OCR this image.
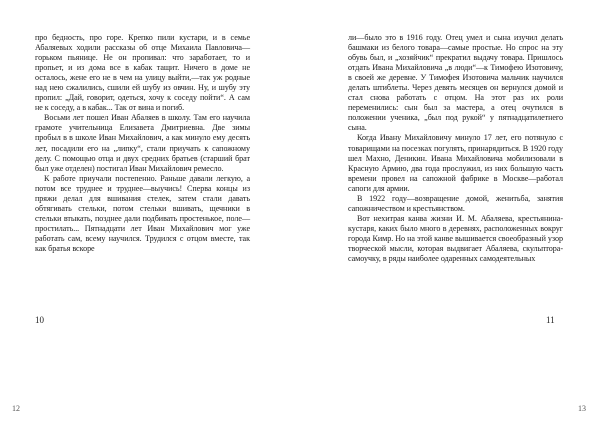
про бедность, про горе. Крепко пили кустари, и в семье Абаляевых ходили рассказы об отце Михаила Павловича—горьком пьянице. Не он пропивал: что заработает, то и пропьет, и из дома все в кабак тащит. Ничего в доме не осталось, жене его не в чем на улицу выйти,—так уж родные над нею сжалились, сшили ей шубу из овчин. Ну, и шубу эту пропил: „Дай, говорит, одеться, хочу к соседу пойти“. А сам не к соседу, а в кабак... Так от вина и погиб.

Восьми лет пошел Иван Абаляев в школу. Там его научила грамоте учительница Елизавета Дмитриевна. Две зимы пробыл в в школе Иван Михайлович, а как минуло ему десять лет, посадили его на „липку“, стали приучать к сапожному делу. С помощью отца и двух средних братьев (старший брат был уже отделен) постигал Иван Михайлович ремесло.

К работе приучали постепенно. Раньше давали легкую, а потом все труднее и труднее—выучись! Сперва концы из пряжи делал для вшивания стелек, затем стали давать обтягивать стельки, потом стельки вшивать, щечники в стельки втыкать, позднее дали подбивать простенькое, поле—простилать... Пятнадцати лет Иван Михайлович мог уже работать сам, всему научился. Трудился с отцом вместе, так как братья вскоре

10

ли—было это в 1916 году. Отец умел и сына изучил делать башмаки из белого товара—самые простые. Но спрос на эту обувь был, и „хозяйчик“ прекратил выдачу товара. Пришлось отдать Ивана Михайловича „в люди“—к Тимофею Изотовичу, в своей же деревне. У Тимофея Изотовича мальчик научился делать штиблеты. Через девять месяцев он вернулся домой и стал снова работать с отцом. На этот раз их роли переменились: сын был за мастера, а отец очутился в положении ученика, „был под рукой“ у пятнадцатилетнего сына.

Когда Ивану Михайловичу минуло 17 лет, его потянуло с товарищами на посезках погулять, принарядиться. В 1920 году шел Махно, Деникин. Ивана Михайловича мобилизовали в Красную Армию, два года прослужил, из них большую часть времени провел на сапожной фабрике в Москве—работал сапоги для армии.

В 1922 году—возвращение домой, женитьба, занятия сапожничеством и крестьянством.

Вот нехитрая канва жизни И. М. Абаляева, крестьянина-кустаря, каких было много в деревнях, расположенных вокруг города Кимр. Но на этой канве вышивается своеобразный узор творческой мысли, которая выдвигает Абаляева, скульптора-самоучку, в ряды наиболее одаренных самодеятельных

11
12	13
